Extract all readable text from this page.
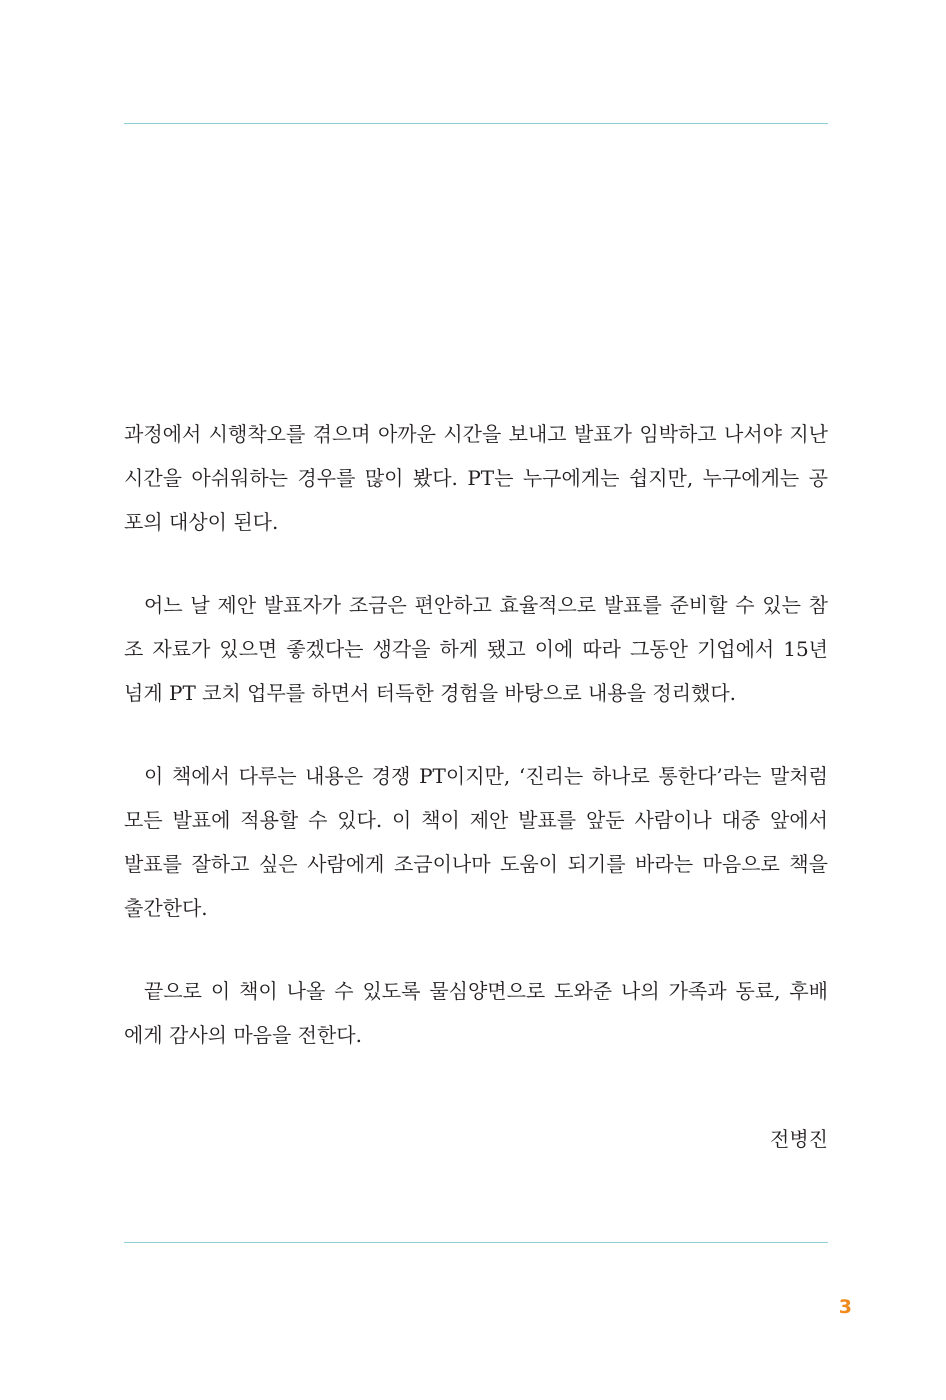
과정에서 시행착오를 겪으며 아까운 시간을 보내고 발표가 임박하고 나서야 지난
시간을 아쉬워하는 경우를 많이 봤다. PT는 누구에게는 쉽지만, 누구에게는 공
포의 대상이 된다.

어느 날 제안 발표자가 조금은 편안하고 효율적으로 발표를 준비할 수 있는 참
조 자료가 있으면 좋겠다는 생각을 하게 됐고 이에 따라 그동안 기업에서 15년
넘게 PT 코치 업무를 하면서 터득한 경험을 바탕으로 내용을 정리했다.

이 책에서 다루는 내용은 경쟁 PT이지만, ‘진리는 하나로 통한다’라는 말처럼
모든 발표에 적용할 수 있다. 이 책이 제안 발표를 앞둔 사람이나 대중 앞에서
발표를 잘하고 싶은 사람에게 조금이나마 도움이 되기를 바라는 마음으로 책을
출간한다.

끝으로 이 책이 나올 수 있도록 물심양면으로 도와준 나의 가족과 동료, 후배
에게 감사의 마음을 전한다.

전병진
3
